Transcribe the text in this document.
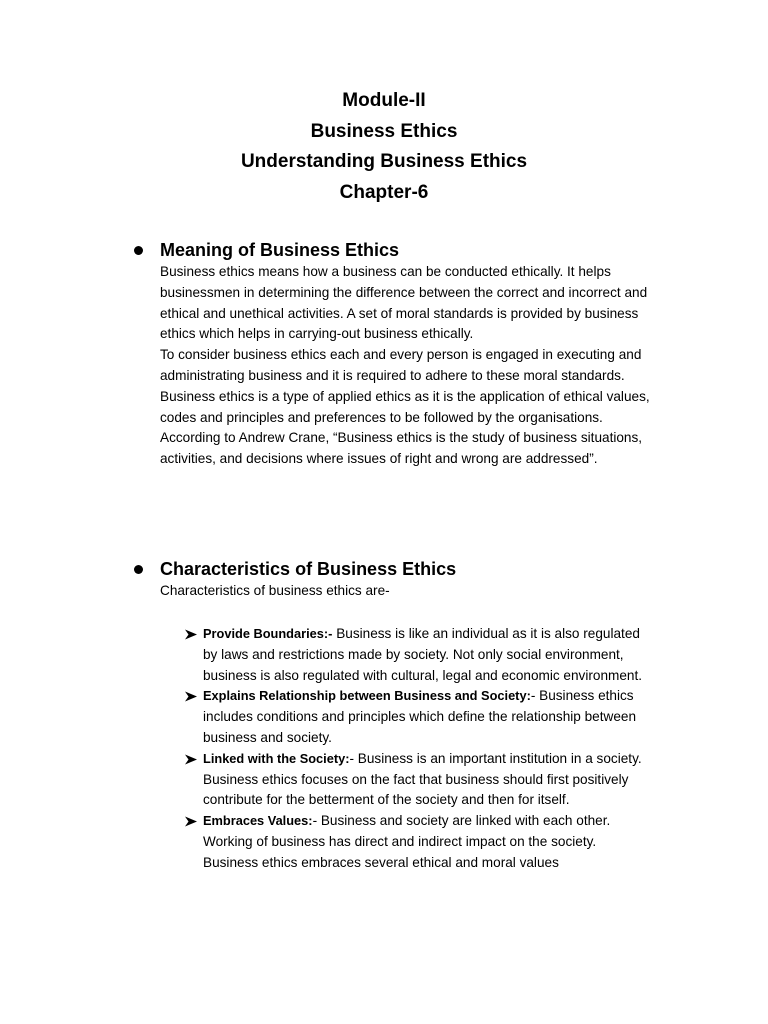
Module-II
Business Ethics
Understanding Business Ethics
Chapter-6
Meaning of Business Ethics

Business ethics means how a business can be conducted ethically. It helps businessmen in determining the difference between the correct and incorrect and ethical and unethical activities. A set of moral standards is provided by business ethics which helps in carrying-out business ethically.

To consider business ethics each and every person is engaged in executing and administrating business and it is required to adhere to these moral standards. Business ethics is a type of applied ethics as it is the application of ethical values, codes and principles and preferences to be followed by the organisations.

According to Andrew Crane, “Business ethics is the study of business situations, activities, and decisions where issues of right and wrong are addressed”.

Characteristics of Business Ethics

Characteristics of business ethics are-

Provide Boundaries:- Business is like an individual as it is also regulated by laws and restrictions made by society. Not only social environment, business is also regulated with cultural, legal and economic environment.
Explains Relationship between Business and Society:- Business ethics includes conditions and principles which define the relationship between business and society.
Linked with the Society:- Business is an important institution in a society. Business ethics focuses on the fact that business should first positively contribute for the betterment of the society and then for itself.
Embraces Values:- Business and society are linked with each other. Working of business has direct and indirect impact on the society. Business ethics embraces several ethical and moral values
